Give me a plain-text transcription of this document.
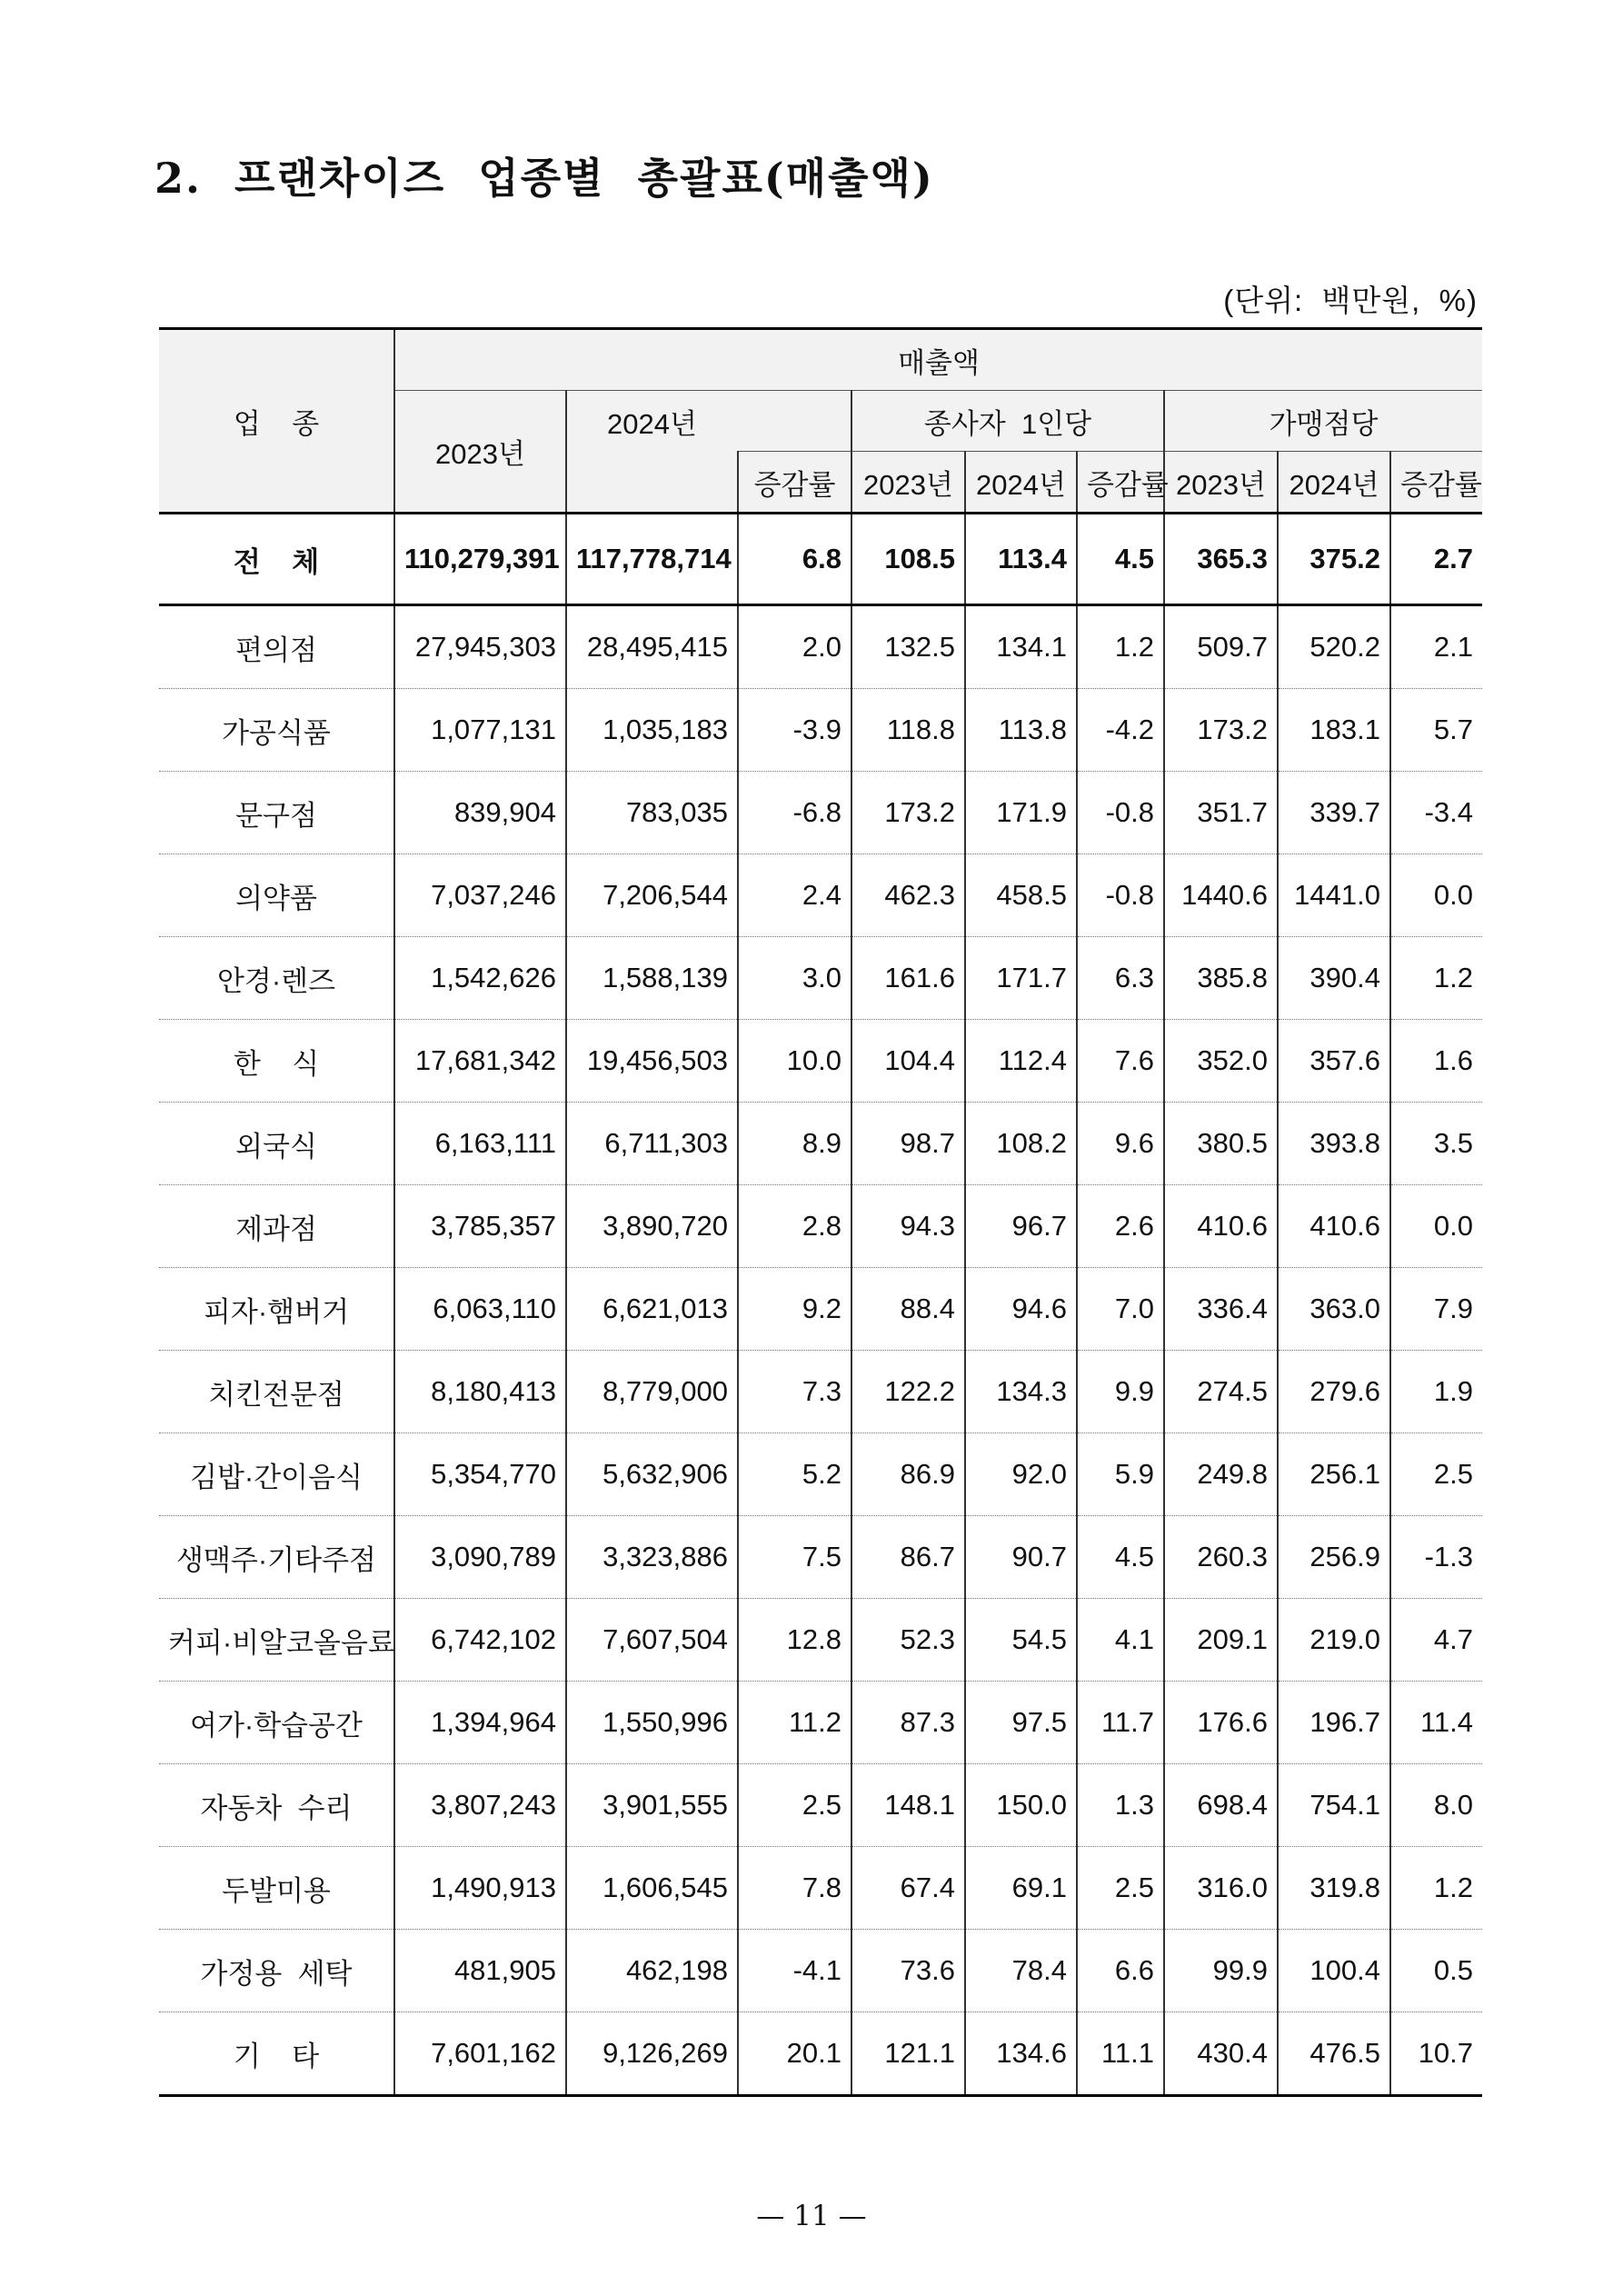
2.  프랜차이즈  업종별  총괄표(매출액)
(단위:  백만원,  %)
업    종	매출액								
	2023년	2024년		종사자  1인당			가맹점당		
			증감률	2023년	2024년	증감률	2023년	2024년	증감률

전    체	110,279,391	117,778,714	6.8	108.5	113.4	4.5	365.3	375.2	2.7
편의점	27,945,303	28,495,415	2.0	132.5	134.1	1.2	509.7	520.2	2.1
가공식품	1,077,131	1,035,183	-3.9	118.8	113.8	-4.2	173.2	183.1	5.7
문구점	839,904	783,035	-6.8	173.2	171.9	-0.8	351.7	339.7	-3.4
의약품	7,037,246	7,206,544	2.4	462.3	458.5	-0.8	1440.6	1441.0	0.0
안경·렌즈	1,542,626	1,588,139	3.0	161.6	171.7	6.3	385.8	390.4	1.2
한    식	17,681,342	19,456,503	10.0	104.4	112.4	7.6	352.0	357.6	1.6
외국식	6,163,111	6,711,303	8.9	98.7	108.2	9.6	380.5	393.8	3.5
제과점	3,785,357	3,890,720	2.8	94.3	96.7	2.6	410.6	410.6	0.0
피자·햄버거	6,063,110	6,621,013	9.2	88.4	94.6	7.0	336.4	363.0	7.9
치킨전문점	8,180,413	8,779,000	7.3	122.2	134.3	9.9	274.5	279.6	1.9
김밥·간이음식	5,354,770	5,632,906	5.2	86.9	92.0	5.9	249.8	256.1	2.5
생맥주·기타주점	3,090,789	3,323,886	7.5	86.7	90.7	4.5	260.3	256.9	-1.3
커피·비알코올음료	6,742,102	7,607,504	12.8	52.3	54.5	4.1	209.1	219.0	4.7
여가·학습공간	1,394,964	1,550,996	11.2	87.3	97.5	11.7	176.6	196.7	11.4
자동차  수리	3,807,243	3,901,555	2.5	148.1	150.0	1.3	698.4	754.1	8.0
두발미용	1,490,913	1,606,545	7.8	67.4	69.1	2.5	316.0	319.8	1.2
가정용  세탁	481,905	462,198	-4.1	73.6	78.4	6.6	99.9	100.4	0.5
기    타	7,601,162	9,126,269	20.1	121.1	134.6	11.1	430.4	476.5	10.7
— 11 —
